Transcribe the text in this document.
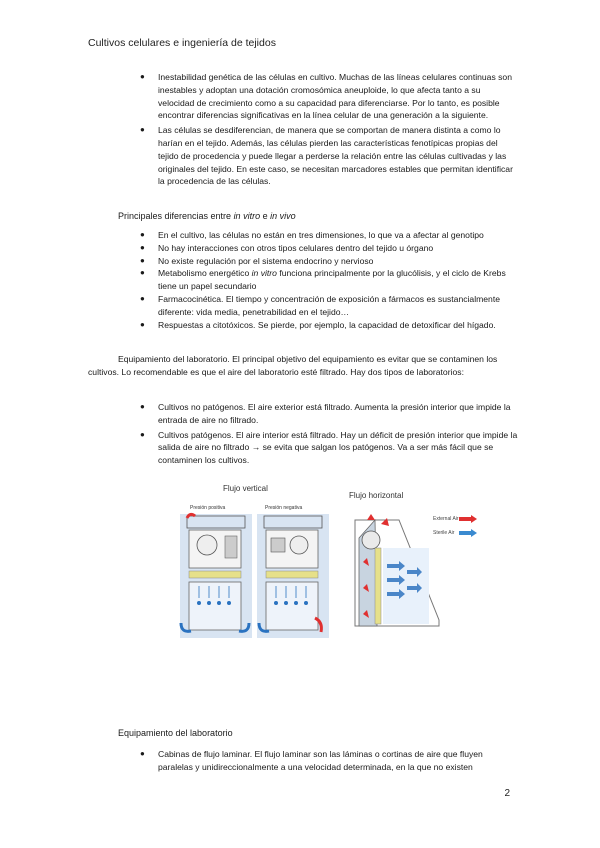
Cultivos celulares e ingeniería de tejidos
● Inestabilidad genética de las células en cultivo. Muchas de las líneas celulares continuas son inestables y adoptan una dotación cromosómica aneuploide, lo que afecta tanto a su velocidad de crecimiento como a su capacidad para diferenciarse. Por lo tanto, es posible encontrar diferencias significativas en la línea celular de una generación a la siguiente.
● Las células se desdiferencian, de manera que se comportan de manera distinta a como lo harían en el tejido. Además, las células pierden las características fenotípicas propias del tejido de procedencia y puede llegar a perderse la relación entre las células cultivadas y las originales del tejido. En este caso, se necesitan marcadores estables que permitan identificar la procedencia de las células.
Principales diferencias entre in vitro e in vivo
● En el cultivo, las células no están en tres dimensiones, lo que va a afectar al genotipo
● No hay interacciones con otros tipos celulares dentro del tejido u órgano
● No existe regulación por el sistema endocrino y nervioso
● Metabolismo energético in vitro funciona principalmente por la glucólisis, y el ciclo de Krebs tiene un papel secundario
● Farmacocinética. El tiempo y concentración de exposición a fármacos es sustancialmente diferente: vida media, penetrabilidad en el tejido…
● Respuestas a citotóxicos. Se pierde, por ejemplo, la capacidad de detoxificar del hígado.
Equipamiento del laboratorio. El principal objetivo del equipamiento es evitar que se contaminen los cultivos. Lo recomendable es que el aire del laboratorio esté filtrado. Hay dos tipos de laboratorios:
● Cultivos no patógenos. El aire exterior está filtrado. Aumenta la presión interior que impide la entrada de aire no filtrado.
● Cultivos patógenos. El aire interior está filtrado. Hay un déficit de presión interior que impide la salida de aire no filtrado → se evita que salgan los patógenos. Va a ser más fácil que se contaminen los cultivos.
Flujo vertical
Flujo horizontal
Presión positiva	Presión negativa
External Air
Sterile Air
Equipamiento del laboratorio
● Cabinas de flujo laminar. El flujo laminar son las láminas o cortinas de aire que fluyen paralelas y unidireccionalmente a una velocidad determinada, en la que no existen
2
